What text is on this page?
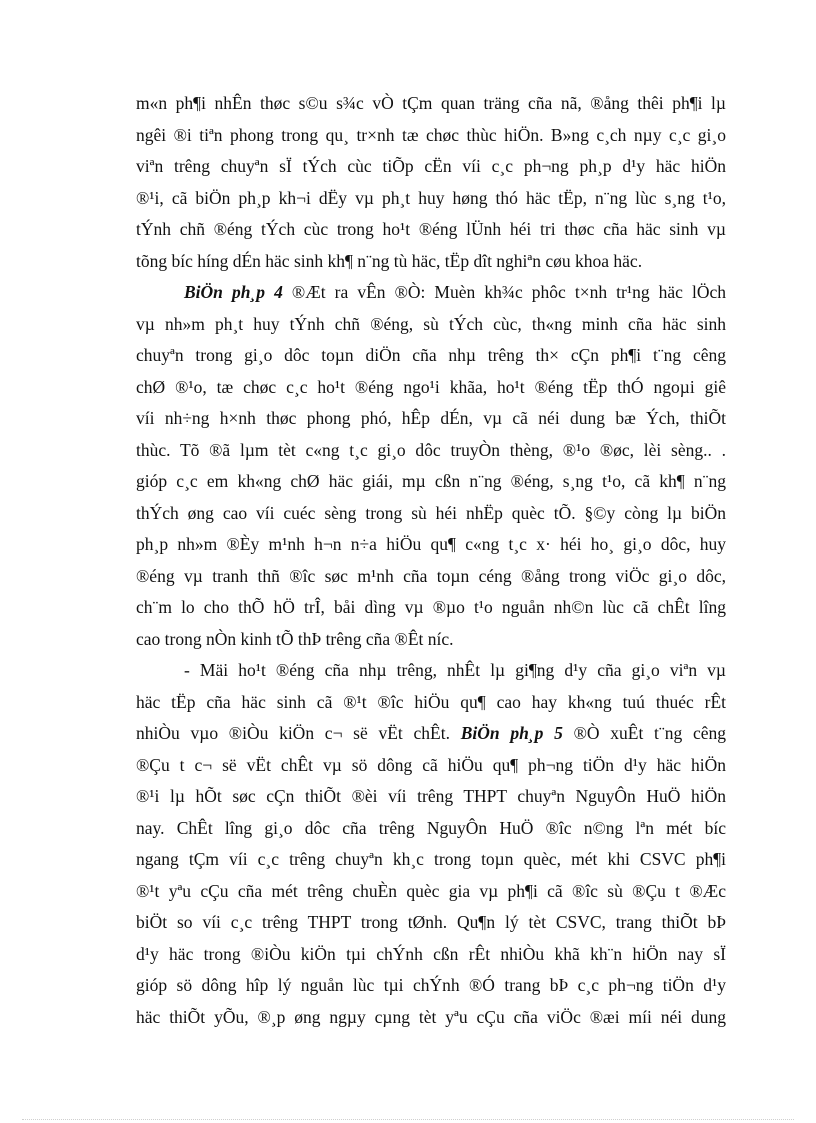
m«n ph¶i nhÊn thøc s©u s¾c vÒ tÇm quan träng cña nã, ®ång thêi ph¶i lµ
ngêi ®i tiªn phong trong qu¸ tr×nh tæ chøc thùc hiÖn. B»ng c¸ch nµy c¸c gi¸o
viªn trêng chuyªn sÏ tÝch cùc tiÕp cËn víi c¸c ph¬ng ph¸p d¹y häc hiÖn
®¹i, cã biÖn ph¸p kh¬i dËy vµ ph¸t huy høng thó häc tËp, n¨ng lùc s¸ng t¹o,
tÝnh chñ ®éng tÝch cùc trong ho¹t ®éng lÜnh héi tri thøc cña häc sinh vµ
tõng bíc híng dÉn häc sinh kh¶ n¨ng tù häc, tËp dît nghiªn cøu khoa häc.
BiÖn ph¸p 4 ®Æt ra vÊn ®Ò: Muèn kh¾c phôc t×nh tr¹ng häc lÖch
vµ nh»m ph¸t huy tÝnh chñ ®éng, sù tÝch cùc, th«ng minh cña häc sinh
chuyªn trong gi¸o dôc toµn diÖn cña nhµ trêng th× cÇn ph¶i t¨ng cêng
chØ ®¹o, tæ chøc c¸c ho¹t ®éng ngo¹i khãa, ho¹t ®éng tËp thÓ ngoµi giê
víi nh÷ng h×nh thøc phong phó, hÊp dÉn, vµ cã néi dung bæ Ých, thiÕt
thùc. Tõ ®ã lµm tèt c«ng t¸c gi¸o dôc truyÒn thèng, ®¹o ®øc, lèi sèng.. .
gióp c¸c em kh«ng chØ häc giái, mµ cßn n¨ng ®éng, s¸ng t¹o, cã kh¶ n¨ng
thÝch øng cao víi cuéc sèng trong sù héi nhËp quèc tÕ. §©y còng lµ biÖn
ph¸p nh»m ®Èy m¹nh h¬n n÷a hiÖu qu¶ c«ng t¸c x· héi ho¸ gi¸o dôc, huy
®éng vµ tranh thñ ®îc søc m¹nh cña toµn céng ®ång trong viÖc gi¸o dôc,
ch¨m lo cho thÕ hÖ trÎ, båi dìng vµ ®µo t¹o nguån nh©n lùc cã chÊt lîng
cao trong nÒn kinh tÕ thÞ trêng cña ®Êt níc.
- Mäi ho¹t ®éng cña nhµ trêng, nhÊt lµ gi¶ng d¹y cña gi¸o viªn vµ
häc tËp cña häc sinh cã ®¹t ®îc hiÖu qu¶ cao hay kh«ng tuú thuéc rÊt
nhiÒu vµo ®iÒu kiÖn c¬ së vËt chÊt. BiÖn ph¸p 5 ®Ò xuÊt t¨ng cêng
®Çu t c¬ së vËt chÊt vµ sö dông cã hiÖu qu¶ ph¬ng tiÖn d¹y häc hiÖn
®¹i lµ hÕt søc cÇn thiÕt ®èi víi trêng THPT chuyªn NguyÔn HuÖ hiÖn
nay. ChÊt lîng gi¸o dôc cña trêng NguyÔn HuÖ ®îc n©ng lªn mét bíc
ngang tÇm víi c¸c trêng chuyªn kh¸c trong toµn quèc, mét khi CSVC ph¶i
®¹t yªu cÇu cña mét trêng chuÈn quèc gia vµ ph¶i cã ®îc sù ®Çu t ®Æc
biÖt so víi c¸c trêng THPT trong tØnh. Qu¶n lý tèt CSVC, trang thiÕt bÞ
d¹y häc trong ®iÒu kiÖn tµi chÝnh cßn rÊt nhiÒu khã kh¨n hiÖn nay sÏ
gióp sö dông hîp lý nguån lùc tµi chÝnh ®Ó trang bÞ c¸c ph¬ng tiÖn d¹y
häc thiÕt yÕu, ®¸p øng ngµy cµng tèt yªu cÇu cña viÖc ®æi míi néi dung
